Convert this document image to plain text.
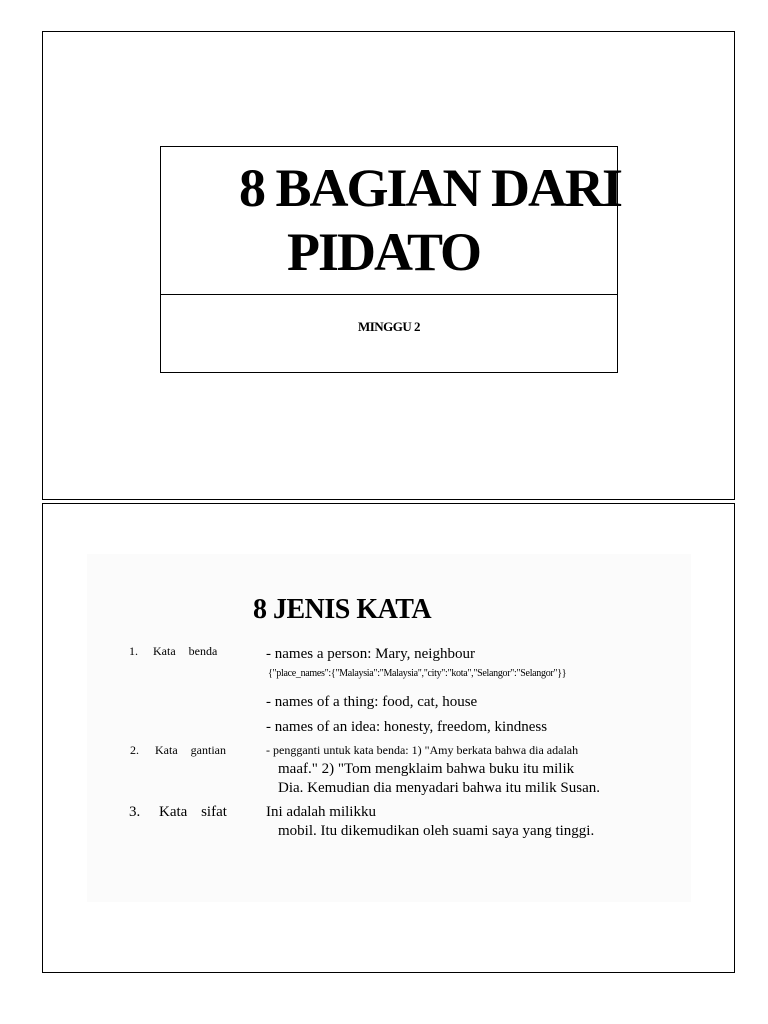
8 BAGIAN DARI
PIDATO
MINGGU 2
8 JENIS KATA
1. Kata benda	- names a person: Mary, neighbour
{"place_names":{"Malaysia":"Malaysia","city":"kota","Selangor":"Selangor"}}
- names of a thing: food, cat, house
- names of an idea: honesty, freedom, kindness
2. Kata gantian	- pengganti untuk kata benda: 1) "Amy berkata bahwa dia adalah
maaf." 2) "Tom mengklaim bahwa buku itu milik
Dia. Kemudian dia menyadari bahwa itu milik Susan.
3. Kata sifat	Ini adalah milikku
mobil. Itu dikemudikan oleh suami saya yang tinggi.
